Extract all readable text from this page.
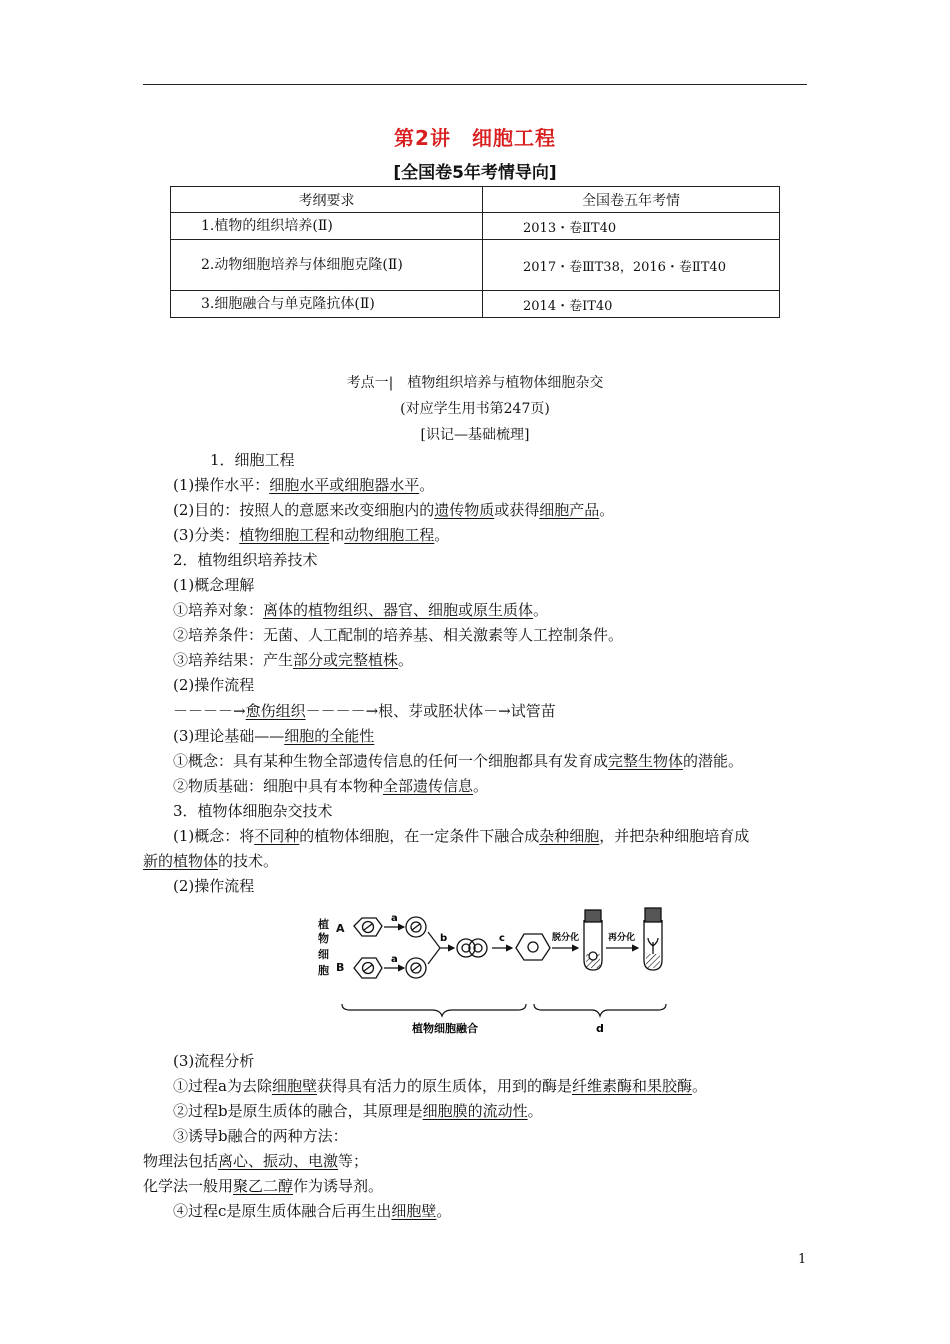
第2讲　细胞工程
[全国卷5年考情导向]
考纲要求	全国卷五年考情
1.植物的组织培养(Ⅱ)	2013・卷ⅡT40
2.动物细胞培养与体细胞克隆(Ⅱ)	2017・卷ⅢT38，2016・卷ⅡT40
3.细胞融合与单克隆抗体(Ⅱ)	2014・卷ⅠT40
考点一|　植物组织培养与植物体细胞杂交
(对应学生用书第247页)
[识记—基础梳理]
1．细胞工程
(1)操作水平：细胞水平或细胞器水平。
(2)目的：按照人的意愿来改变细胞内的遗传物质或获得细胞产品。
(3)分类：植物细胞工程和动物细胞工程。
2．植物组织培养技术
(1)概念理解
①培养对象：离体的植物组织、器官、细胞或原生质体。
②培养条件：无菌、人工配制的培养基、相关激素等人工控制条件。
③培养结果：产生部分或完整植株。
(2)操作流程
－－－－→愈伤组织－－－－→根、芽或胚状体－→试管苗
(3)理论基础——细胞的全能性
①概念：具有某种生物全部遗传信息的任何一个细胞都具有发育成完整生物体的潜能。
②物质基础：细胞中具有本物种全部遗传信息。
3．植物体细胞杂交技术
(1)概念：将不同种的植物体细胞，在一定条件下融合成杂种细胞，并把杂种细胞培育成
新的植物体的技术。
(2)操作流程
植
物
细
胞
A
B
a
a
b	c	脱分化	再分化
植物细胞融合	d
(3)流程分析
①过程a为去除细胞壁获得具有活力的原生质体，用到的酶是纤维素酶和果胶酶。
②过程b是原生质体的融合，其原理是细胞膜的流动性。
③诱导b融合的两种方法：
物理法包括离心、振动、电激等；
化学法一般用聚乙二醇作为诱导剂。
④过程c是原生质体融合后再生出细胞壁。
1
